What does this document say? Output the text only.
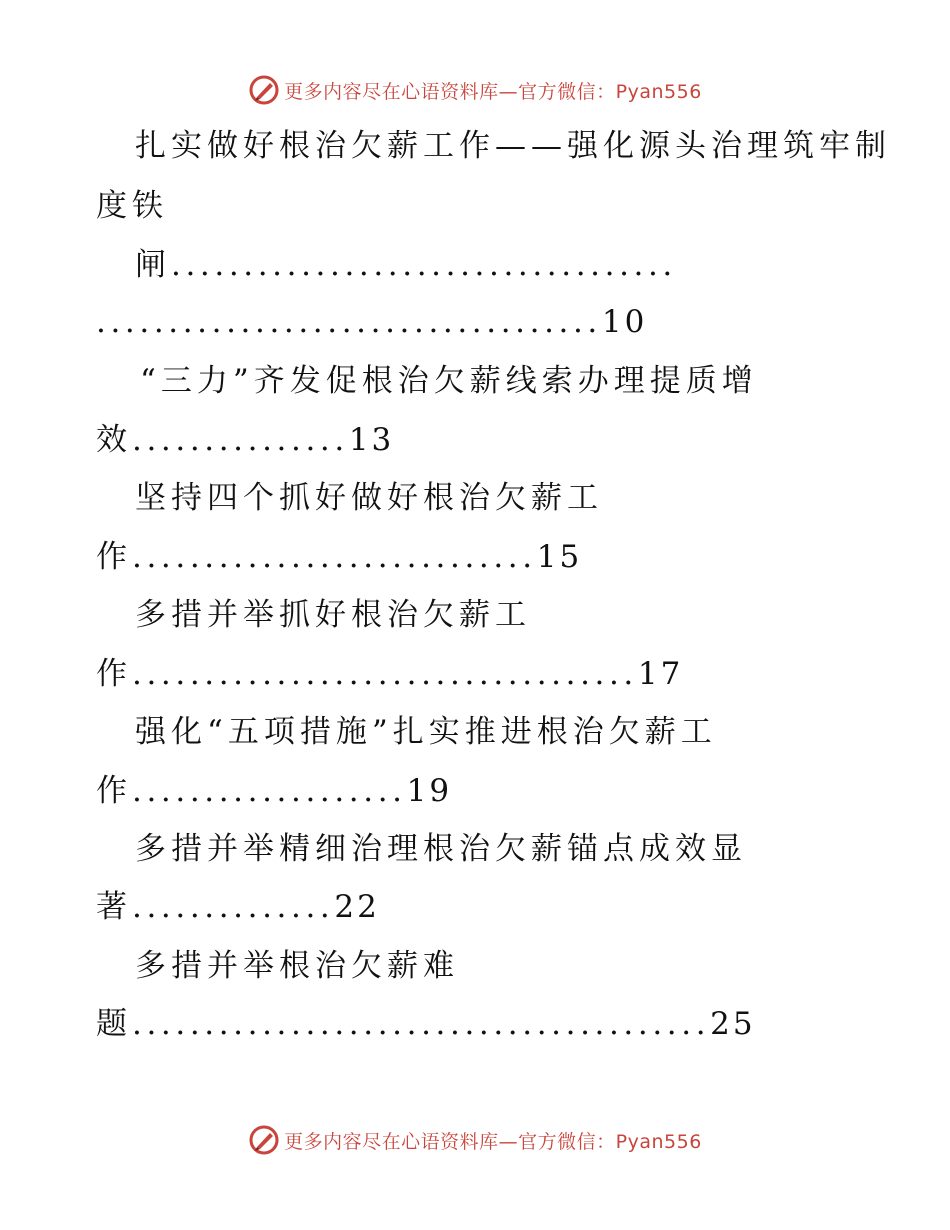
更多内容尽在心语资料库—官方微信：Pyan556
扎实做好根治欠薪工作——强化源头治理筑牢制
度铁
闸...................................
...................................10
“三力”齐发促根治欠薪线索办理提质增
效...............13
坚持四个抓好做好根治欠薪工
作............................15
多措并举抓好根治欠薪工
作...................................17
强化“五项措施”扎实推进根治欠薪工
作...................19
多措并举精细治理根治欠薪锚点成效显
著..............22
多措并举根治欠薪难
题........................................25
更多内容尽在心语资料库—官方微信：Pyan556
